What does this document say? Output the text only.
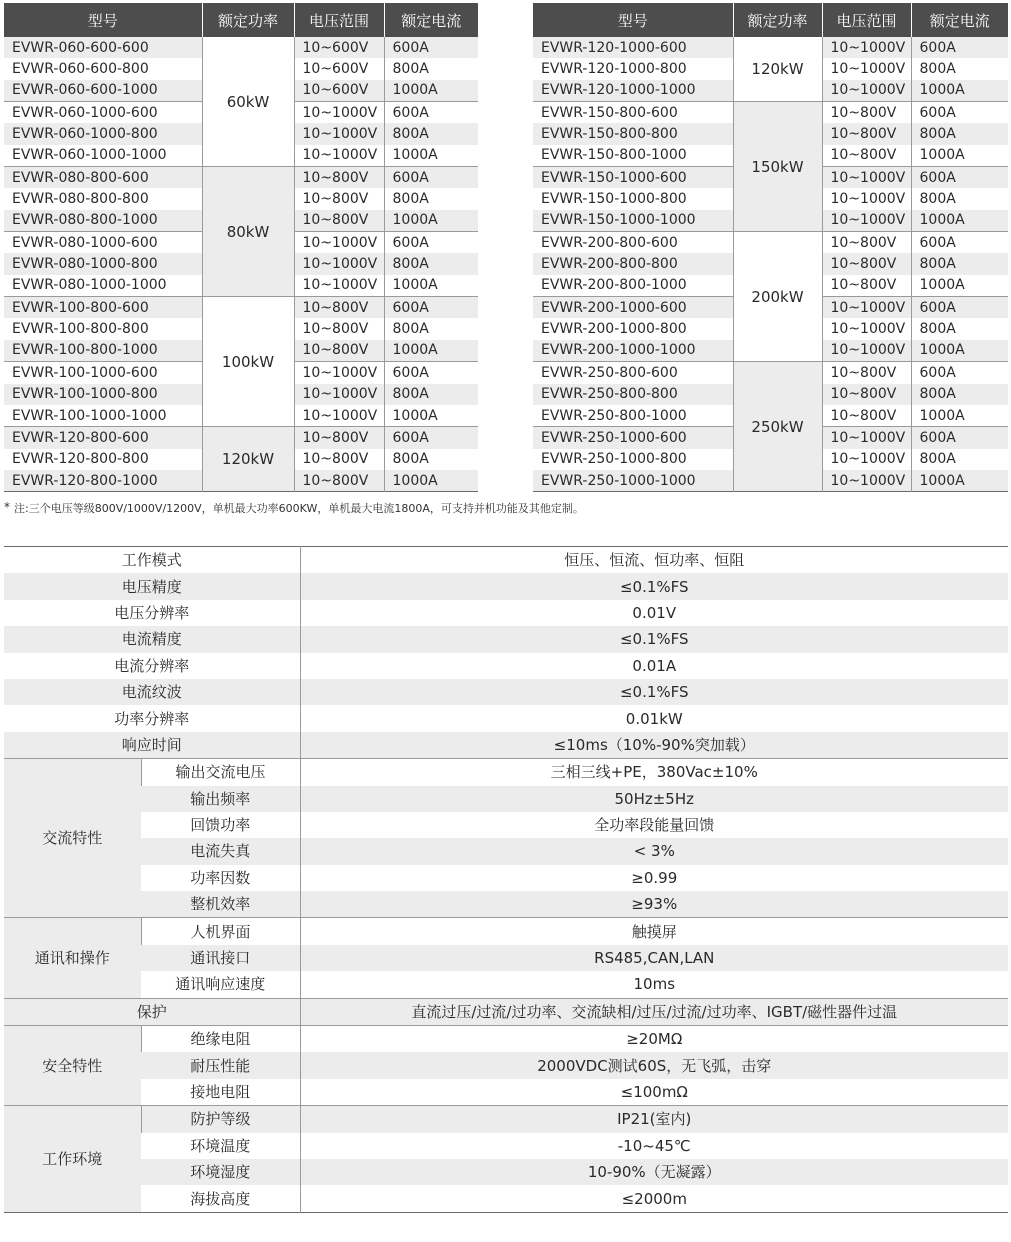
型号	额定功率	电压范围	额定电流
EVWR-060-600-600	60kW	10~600V	600A
EVWR-060-600-800		10~600V	800A
EVWR-060-600-1000		10~600V	1000A
EVWR-060-1000-600		10~1000V	600A
EVWR-060-1000-800		10~1000V	800A
EVWR-060-1000-1000		10~1000V	1000A
EVWR-080-800-600	80kW	10~800V	600A
EVWR-080-800-800		10~800V	800A
EVWR-080-800-1000		10~800V	1000A
EVWR-080-1000-600		10~1000V	600A
EVWR-080-1000-800		10~1000V	800A
EVWR-080-1000-1000		10~1000V	1000A
EVWR-100-800-600	100kW	10~800V	600A
EVWR-100-800-800		10~800V	800A
EVWR-100-800-1000		10~800V	1000A
EVWR-100-1000-600		10~1000V	600A
EVWR-100-1000-800		10~1000V	800A
EVWR-100-1000-1000		10~1000V	1000A
EVWR-120-800-600	120kW	10~800V	600A
EVWR-120-800-800		10~800V	800A
EVWR-120-800-1000		10~800V	1000A
型号	额定功率	电压范围	额定电流
EVWR-120-1000-600	120kW	10~1000V	600A
EVWR-120-1000-800		10~1000V	800A
EVWR-120-1000-1000		10~1000V	1000A
EVWR-150-800-600	150kW	10~800V	600A
EVWR-150-800-800		10~800V	800A
EVWR-150-800-1000		10~800V	1000A
EVWR-150-1000-600		10~1000V	600A
EVWR-150-1000-800		10~1000V	800A
EVWR-150-1000-1000		10~1000V	1000A
EVWR-200-800-600	200kW	10~800V	600A
EVWR-200-800-800		10~800V	800A
EVWR-200-800-1000		10~800V	1000A
EVWR-200-1000-600		10~1000V	600A
EVWR-200-1000-800		10~1000V	800A
EVWR-200-1000-1000		10~1000V	1000A
EVWR-250-800-600	250kW	10~800V	600A
EVWR-250-800-800		10~800V	800A
EVWR-250-800-1000		10~800V	1000A
EVWR-250-1000-600		10~1000V	600A
EVWR-250-1000-800		10~1000V	800A
EVWR-250-1000-1000		10~1000V	1000A
* 注:三个电压等级800V/1000V/1200V，单机最大功率600KW，单机最大电流1800A，可支持并机功能及其他定制。
工作模式		恒压、恒流、恒功率、恒阻
电压精度		≤0.1%FS
电压分辨率		0.01V
电流精度		≤0.1%FS
电流分辨率		0.01A
电流纹波		≤0.1%FS
功率分辨率		0.01kW
响应时间		≤10ms（10%-90%突加载）
交流特性	输出交流电压	三相三线+PE，380Vac±10%
	输出频率	50Hz±5Hz
	回馈功率	全功率段能量回馈
	电流失真	< 3%
	功率因数	≥0.99
	整机效率	≥93%
通讯和操作	人机界面	触摸屏
	通讯接口	RS485,CAN,LAN
	通讯响应速度	10ms
保护		直流过压/过流/过功率、交流缺相/过压/过流/过功率、IGBT/磁性器件过温
安全特性	绝缘电阻	≥20MΩ
	耐压性能	2000VDC测试60S，无飞弧，击穿
	接地电阻	≤100mΩ
工作环境	防护等级	IP21(室内)
	环境温度	-10~45℃
	环境湿度	10-90%（无凝露）
	海拔高度	≤2000m
